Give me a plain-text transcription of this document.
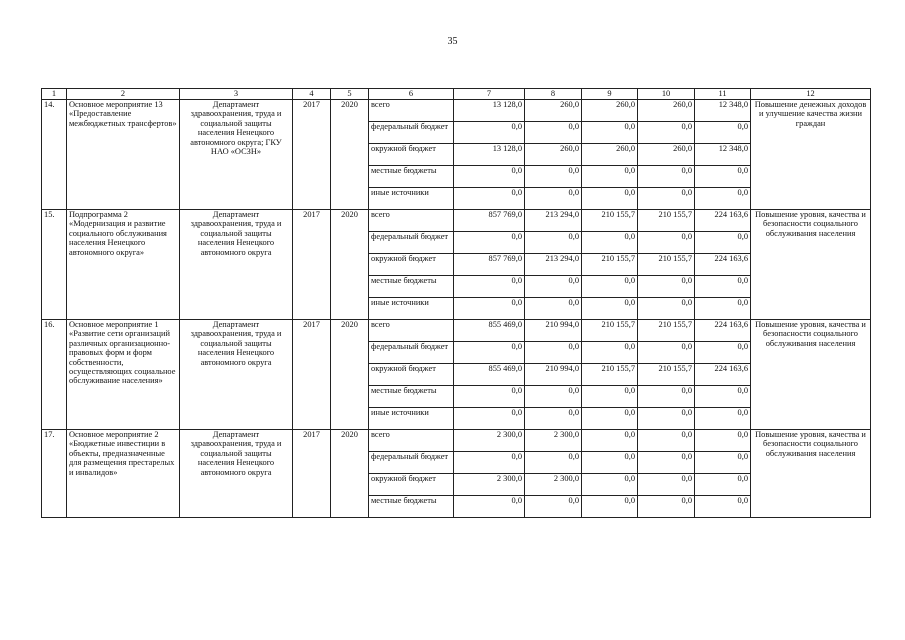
35
1	2	3	4	5	6	7	8	9	10	11	12
14.	Основное мероприятие 13 «Предоставление межбюджетных трансфертов»	Департамент здравоохранения, труда и социальной защиты населения Ненецкого автономного округа; ГКУ НАО «ОСЗН»	2017	2020	всего	13 128,0	260,0	260,0	260,0	12 348,0	Повышение денежных доходов и улучшение качества жизни граждан
					федеральный бюджет	0,0	0,0	0,0	0,0	0,0	
					окружной бюджет	13 128,0	260,0	260,0	260,0	12 348,0	
					местные бюджеты	0,0	0,0	0,0	0,0	0,0	
					иные источники	0,0	0,0	0,0	0,0	0,0	
15.	Подпрограмма 2 «Модернизация и развитие социального обслуживания населения Ненецкого автономного округа»	Департамент здравоохранения, труда и социальной защиты населения Ненецкого автономного округа	2017	2020	всего	857 769,0	213 294,0	210 155,7	210 155,7	224 163,6	Повышение уровня, качества и безопасности социального обслуживания населения
					федеральный бюджет	0,0	0,0	0,0	0,0	0,0	
					окружной бюджет	857 769,0	213 294,0	210 155,7	210 155,7	224 163,6	
					местные бюджеты	0,0	0,0	0,0	0,0	0,0	
					иные источники	0,0	0,0	0,0	0,0	0,0	
16.	Основное мероприятие 1 «Развитие сети организаций различных организационно-правовых форм и форм собственности, осуществляющих социальное обслуживание населения»	Департамент здравоохранения, труда и социальной защиты населения Ненецкого автономного округа	2017	2020	всего	855 469,0	210 994,0	210 155,7	210 155,7	224 163,6	Повышение уровня, качества и безопасности социального обслуживания населения
					федеральный бюджет	0,0	0,0	0,0	0,0	0,0	
					окружной бюджет	855 469,0	210 994,0	210 155,7	210 155,7	224 163,6	
					местные бюджеты	0,0	0,0	0,0	0,0	0,0	
					иные источники	0,0	0,0	0,0	0,0	0,0	
17.	Основное мероприятие 2 «Бюджетные инвестиции в объекты, предназначенные для размещения престарелых и инвалидов»	Департамент здравоохранения, труда и социальной защиты населения Ненецкого автономного округа	2017	2020	всего	2 300,0	2 300,0	0,0	0,0	0,0	Повышение уровня, качества и безопасности социального обслуживания населения
					федеральный бюджет	0,0	0,0	0,0	0,0	0,0	
					окружной бюджет	2 300,0	2 300,0	0,0	0,0	0,0	
					местные бюджеты	0,0	0,0	0,0	0,0	0,0	
